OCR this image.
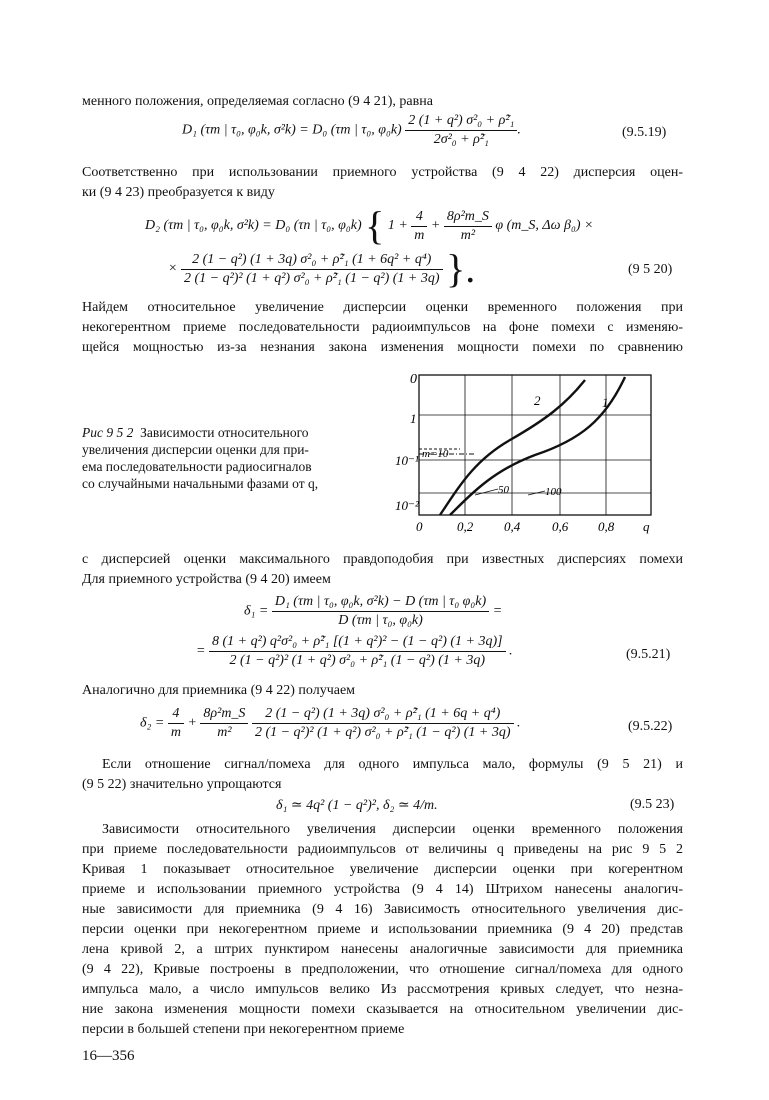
менного положения, определяемая согласно (9 4 21), равна
D₁ (τm | τ₀, φ₀k, σ²k) = D₀ (τm | τ₀, $\varphi_0k) \frac{\text{2 (1 + q²) σ²₀ + ρ̃²₁}}{\text{2σ²₀ + ρ̃²₁}}$ .	(9.5.19)
Соответственно при использовании приемного устройства (9 4 22) дисперсия оцен-
ки (9 4 23) преобразуется к виду
D₂ (τm | τ₀, φ₀k, σ²k) = D₀ (τn | τ₀, φ₀k) { $1 + \frac{4}{m} + \frac{\text{8ρ²m\_S}}{\text{m²}}$ φ (m_S, Δω β₀) ×
× $\frac{\text{2 (1 − q²) (1 + 3q) σ²₀ + ρ̃²₁ (1 + 6q² + q⁴)}}{\text{2 (1 − q²)² (1 + q²) σ²₀ + ρ̃²₁ (1 − q²) (1 + 3q)}}$ }.	(9 5 20)
Найдем относительное увеличение дисперсии оценки временного положения при
некогерентном приеме последовательности радиоимпульсов на фоне помехи с изменяю-
щейся мощностью из-за незнания закона изменения мощности помехи по сравнению
Рис 9 5 2 Зависимости относительного
увеличения дисперсии оценки для при-
ема последовательности радиосигналов
со случайными начальными фазами от q,
0
1
10⁻¹
10⁻²
0	0,2 0,4 0,6 0,8 q
2	1
m=10
50	100
с дисперсией оценки максимального правдоподобия при известных дисперсиях помехи
Для приемного устройства (9 4 20) имеем
$\delta_1 = \frac{\text{D₁ (τm | τ₀, φ₀k, σ²k) − D (τm | τ₀ φ₀k)}}{\text{D (τm | τ₀, φ₀k)}}$ =
= $\frac{\text{8 (1 + q²) q²σ²₀ + ρ̃²₁ [(1 + q²)² − (1 − q²) (1 + 3q)]}}{\text{2 (1 − q²)² (1 + q²) σ²₀ + ρ̃²₁ (1 − q²) (1 + 3q)}}$ .	(9.5.21)
Аналогично для приемника (9 4 22) получаем
$\delta_2 = \frac{4}{m} + \frac{\text{8ρ²m\_S}}{\text{m²}}$
$\frac{\text{2 (1 − q²) (1 + 3q) σ²₀ + ρ̃²₁ (1 + 6q + q⁴)}}{\text{2 (1 − q²)² (1 + q²) σ²₀ + ρ̃²₁ (1 − q²) (1 + 3q)}}$ .	(9.5.22)
Если отношение сигнал/помеха для одного импульса мало, формулы (9 5 21) и
(9 5 22) значительно упрощаются
δ₁ ≃ 4q² (1 − q²)², δ₂ ≃ 4/m.	(9.5 23)
Зависимости относительного увеличения дисперсии оценки временного положения
при приеме последовательности радиоимпульсов от величины q приведены на рис 9 5 2
Кривая 1 показывает относительное увеличение дисперсии оценки при когерентном
приеме и использовании приемного устройства (9 4 14) Штрихом нанесены аналогич-
ные зависимости для приемника (9 4 16) Зависимость относительного увеличения дис-
персии оценки при некогерентном приеме и использовании приемника (9 4 20) представ
лена кривой 2, а штрих пунктиром нанесены аналогичные зависимости для приемника
(9 4 22), Кривые построены в предположении, что отношение сигнал/помеха для одного
импульса мало, а число импульсов велико Из рассмотрения кривых следует, что незна-
ние закона изменения мощности помехи сказывается на относительном увеличении дис-
персии в большей степени при некогерентном приеме
16—356
